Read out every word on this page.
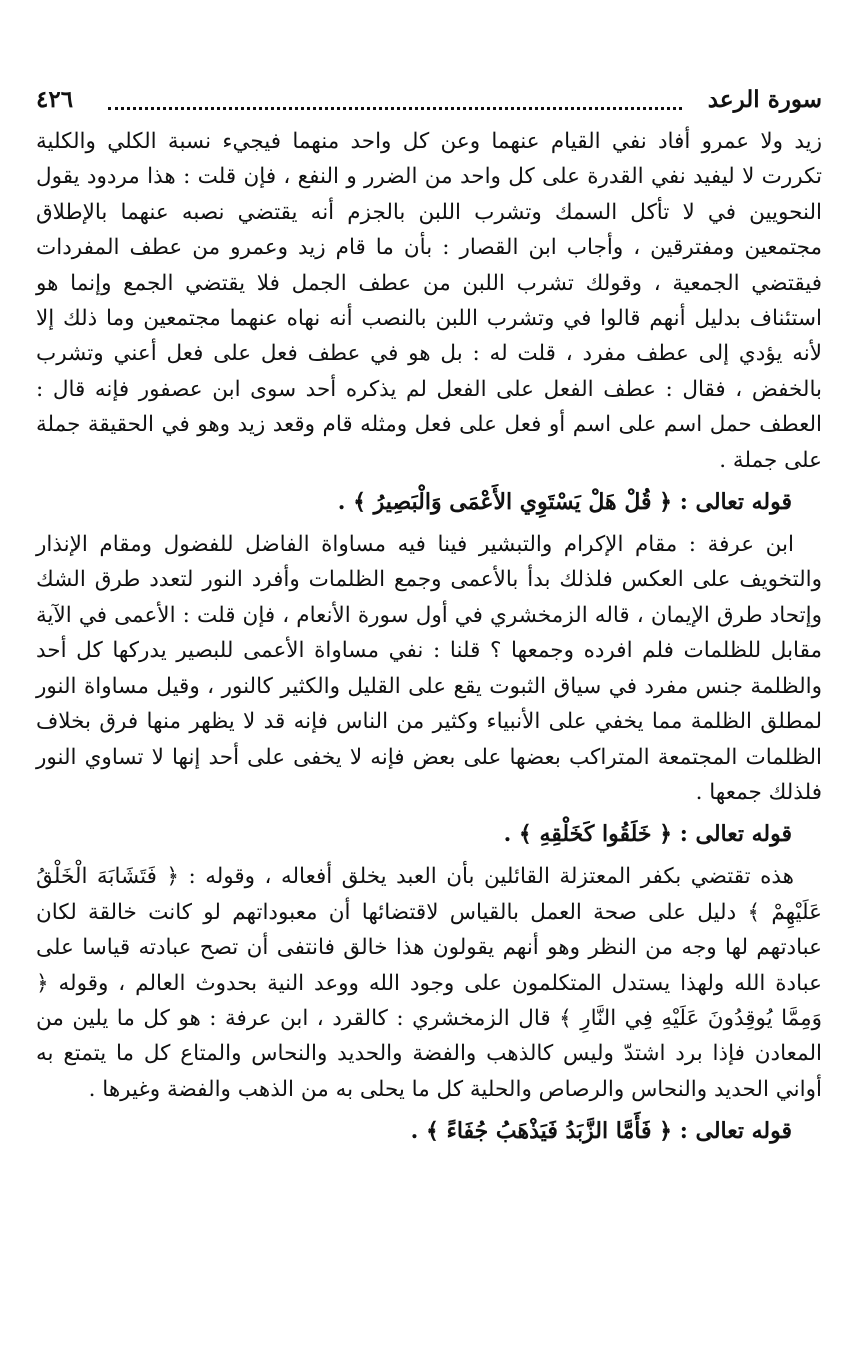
سورة الرعد
٤٢٦

زيد ولا عمرو أفاد نفي القيام عنهما وعن كل واحد منهما فيجيء نسبة الكلي والكلية تكررت لا ليفيد نفي القدرة على كل واحد من الضرر و النفع ، فإن قلت : هذا مردود يقول النحويين في لا تأكل السمك وتشرب اللبن بالجزم أنه يقتضي نصبه عنهما بالإطلاق مجتمعين ومفترقين ، وأجاب ابن القصار : بأن ما قام زيد وعمرو من عطف المفردات فيقتضي الجمعية ، وقولك تشرب اللبن من عطف الجمل فلا يقتضي الجمع وإنما هو استئناف بدليل أنهم قالوا في وتشرب اللبن بالنصب أنه نهاه عنهما مجتمعين وما ذلك إلا لأنه يؤدي إلى عطف مفرد ، قلت له : بل هو في عطف فعل على فعل أعني وتشرب بالخفض ، فقال : عطف الفعل على الفعل لم يذكره أحد سوى ابن عصفور فإنه قال : العطف حمل اسم على اسم أو فعل على فعل ومثله قام وقعد زيد وهو في الحقيقة جملة على جملة .

قوله تعالى : ﴿ قُلْ هَلْ يَسْتَوِي الأَعْمَى وَالْبَصِيرُ ﴾ .

ابن عرفة : مقام الإكرام والتبشير فينا فيه مساواة الفاضل للفضول ومقام الإنذار والتخويف على العكس فلذلك بدأ بالأعمى وجمع الظلمات وأفرد النور لتعدد طرق الشك وإتحاد طرق الإيمان ، قاله الزمخشري في أول سورة الأنعام ، فإن قلت : الأعمى في الآية مقابل للظلمات فلم افرده وجمعها ؟ قلنا : نفي مساواة الأعمى للبصير يدركها كل أحد والظلمة جنس مفرد في سياق الثبوت يقع على القليل والكثير كالنور ، وقيل مساواة النور لمطلق الظلمة مما يخفي على الأنبياء وكثير من الناس فإنه قد لا يظهر منها فرق بخلاف الظلمات المجتمعة المتراكب بعضها على بعض فإنه لا يخفى على أحد إنها لا تساوي النور فلذلك جمعها .

قوله تعالى : ﴿ خَلَقُوا كَخَلْقِهِ ﴾ .

هذه تقتضي بكفر المعتزلة القائلين بأن العبد يخلق أفعاله ، وقوله : ﴿ فَتَشَابَهَ الْخَلْقُ عَلَيْهِمْ ﴾ دليل على صحة العمل بالقياس لاقتضائها أن معبوداتهم لو كانت خالقة لكان عبادتهم لها وجه من النظر وهو أنهم يقولون هذا خالق فانتفى أن تصح عبادته قياسا على عبادة الله ولهذا يستدل المتكلمون على وجود الله ووعد النية بحدوث العالم ، وقوله ﴿ وَمِمَّا يُوقِدُونَ عَلَيْهِ فِي النَّارِ ﴾ قال الزمخشري : كالقرد ، ابن عرفة : هو كل ما يلين من المعادن فإذا برد اشتدّ وليس كالذهب والفضة والحديد والنحاس والمتاع كل ما يتمتع به أواني الحديد والنحاس والرصاص والحلية كل ما يحلى به من الذهب والفضة وغيرها .

قوله تعالى : ﴿ فَأَمَّا الزَّبَدُ فَيَذْهَبُ جُفَاءً ﴾ .
